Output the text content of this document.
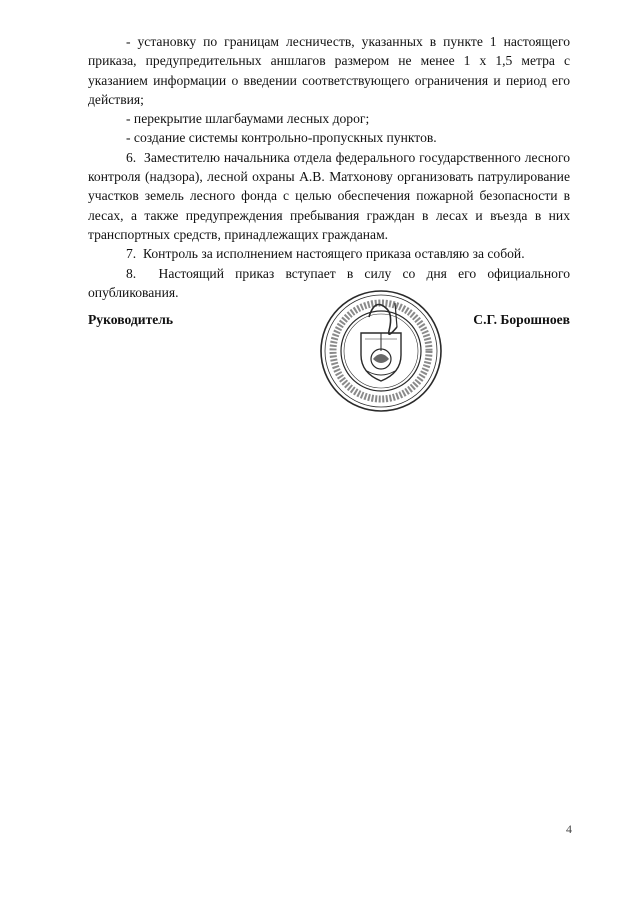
- установку по границам лесничеств, указанных в пункте 1 настоящего приказа, предупредительных аншлагов размером не менее 1 х 1,5 метра с указанием информации о введении соответствующего ограничения и период его действия;

- перекрытие шлагбаумами лесных дорог;

- создание системы контрольно-пропускных пунктов.

6.  Заместителю начальника отдела федерального государственного лесного контроля (надзора), лесной охраны А.В. Матхонову организовать патрулирование участков земель лесного фонда с целью обеспечения пожарной безопасности в лесах, а также предупреждения пребывания граждан в лесах и въезда в них транспортных средств, принадлежащих гражданам.

7.  Контроль за исполнением настоящего приказа оставляю за собой.

8.  Настоящий приказ вступает в силу со дня его официального опубликования.

Руководитель	С.Г. Борошноев
4
